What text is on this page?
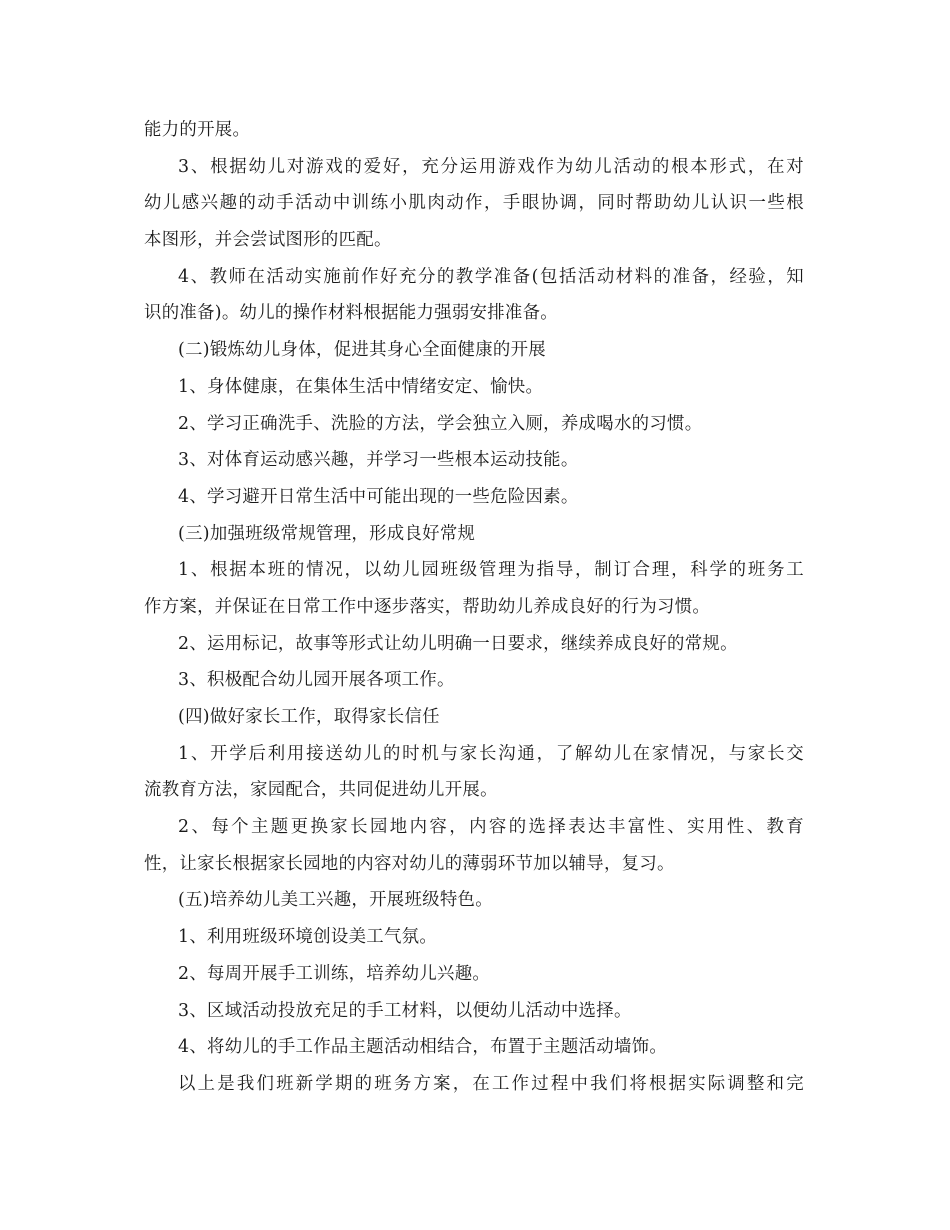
能力的开展。
3、根据幼儿对游戏的爱好，充分运用游戏作为幼儿活动的根本形式，在对
幼儿感兴趣的动手活动中训练小肌肉动作，手眼协调，同时帮助幼儿认识一些根
本图形，并会尝试图形的匹配。
4、教师在活动实施前作好充分的教学准备(包括活动材料的准备，经验，知
识的准备)。幼儿的操作材料根据能力强弱安排准备。
(二)锻炼幼儿身体，促进其身心全面健康的开展
1、身体健康，在集体生活中情绪安定、愉快。
2、学习正确洗手、洗脸的方法，学会独立入厕，养成喝水的习惯。
3、对体育运动感兴趣，并学习一些根本运动技能。
4、学习避开日常生活中可能出现的一些危险因素。
(三)加强班级常规管理，形成良好常规
1、根据本班的情况，以幼儿园班级管理为指导，制订合理，科学的班务工
作方案，并保证在日常工作中逐步落实，帮助幼儿养成良好的行为习惯。
2、运用标记，故事等形式让幼儿明确一日要求，继续养成良好的常规。
3、积极配合幼儿园开展各项工作。
(四)做好家长工作，取得家长信任
1、开学后利用接送幼儿的时机与家长沟通，了解幼儿在家情况，与家长交
流教育方法，家园配合，共同促进幼儿开展。
2、每个主题更换家长园地内容，内容的选择表达丰富性、实用性、教育
性，让家长根据家长园地的内容对幼儿的薄弱环节加以辅导，复习。
(五)培养幼儿美工兴趣，开展班级特色。
1、利用班级环境创设美工气氛。
2、每周开展手工训练，培养幼儿兴趣。
3、区域活动投放充足的手工材料，以便幼儿活动中选择。
4、将幼儿的手工作品主题活动相结合，布置于主题活动墙饰。
以上是我们班新学期的班务方案，在工作过程中我们将根据实际调整和完
